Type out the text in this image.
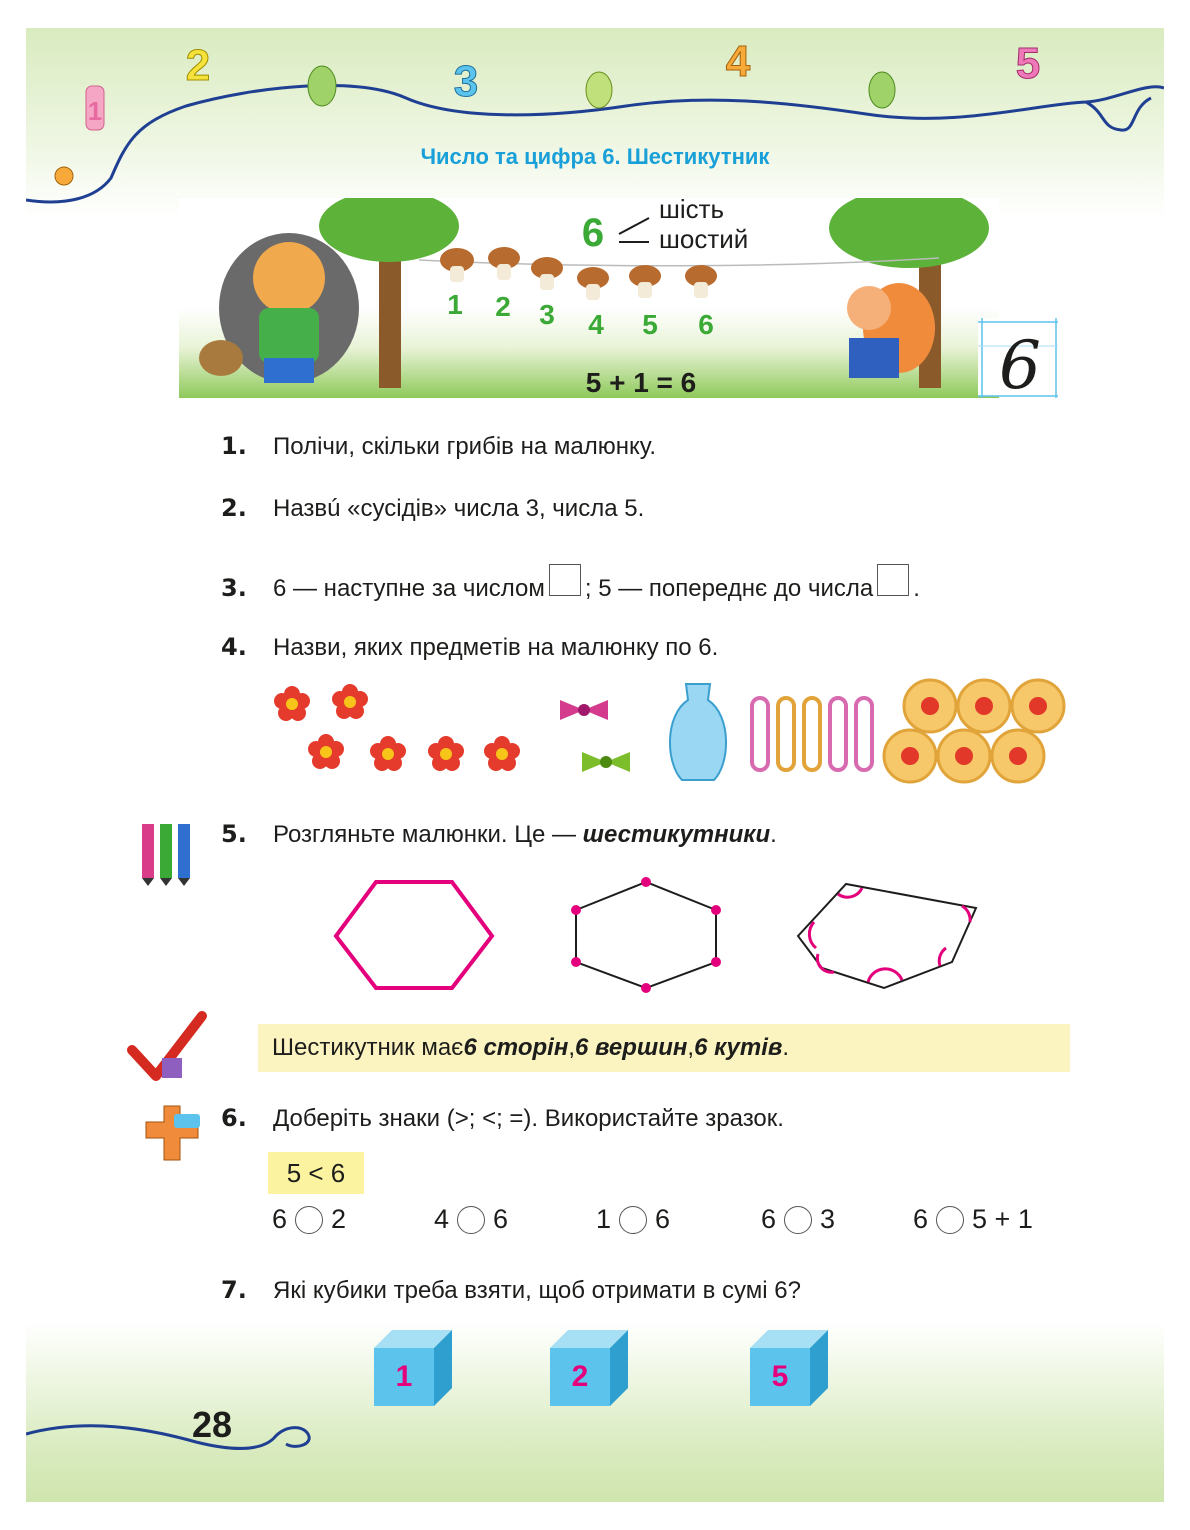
1
2	3	4	5
Число та цифра 6. Шестикутник
1 2 3 4 5 6
6
шість
шостий
5 + 1 = 6	6
1.	Полічи, скільки грибів на малюнку.
2.	Назвú «сусідів» числа 3, числа 5.
3.	6 — наступне за числом ; 5 — попереднє до числа .
4.	Назви, яких предметів на малюнку по 6.
5.	Розгляньте малюнки. Це — шестикутники.
Шестикутник має 6 сторін , 6 вершин , 6 кутів .
6.	Доберіть знаки (>; <; =). Використайте зразок.
5 < 6
6 2	4 6	1 6	6 3	6 5 + 1
7.	Які кубики треба взяти, щоб отримати в сумі 6?
1	2	5
28
